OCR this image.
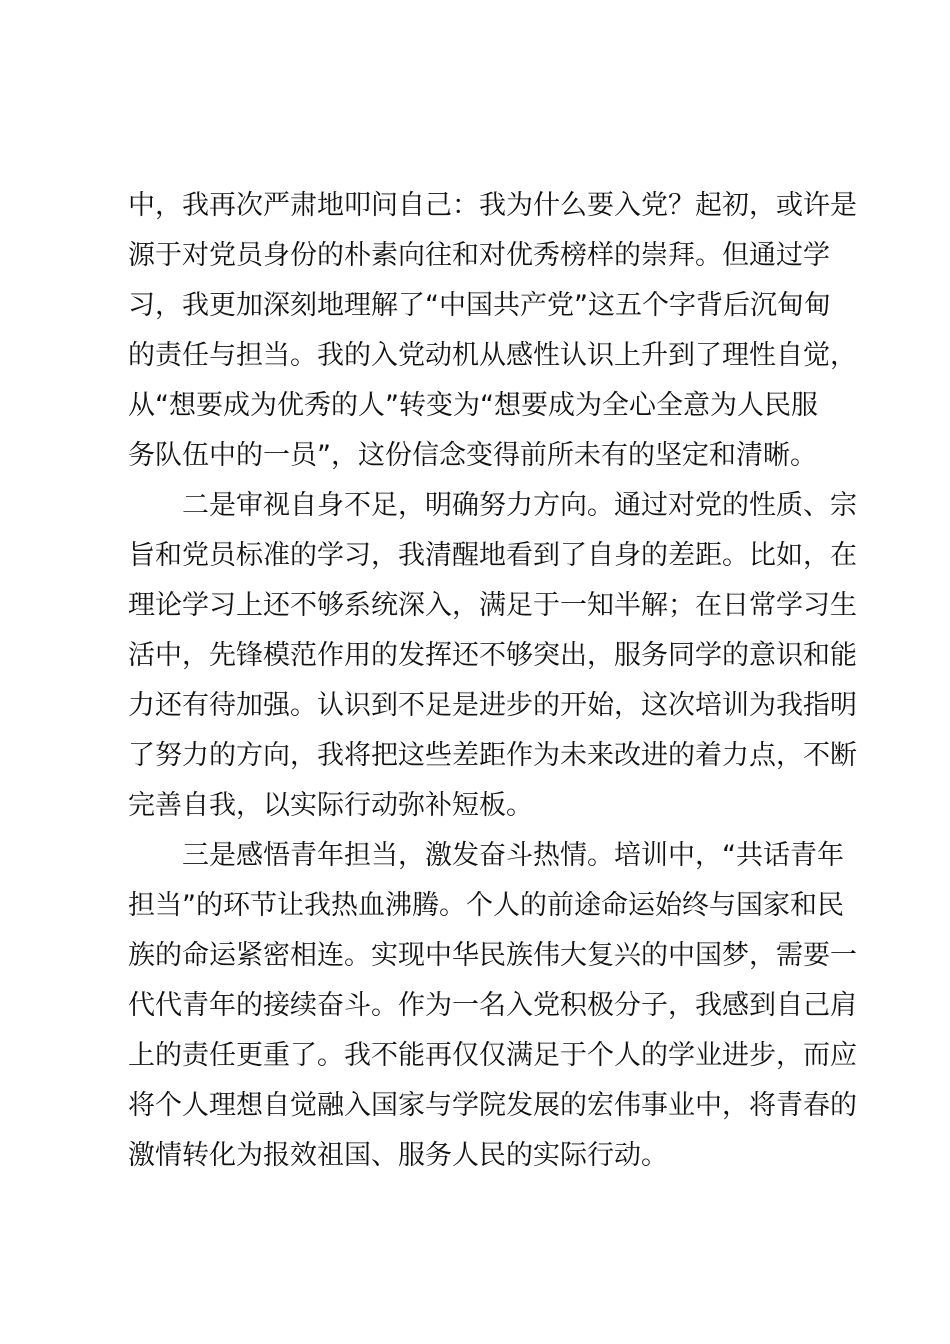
中，我再次严肃地叩问自己：我为什么要入党？起初，或许是
源于对党员身份的朴素向往和对优秀榜样的崇拜。但通过学
习，我更加深刻地理解了“中国共产党”这五个字背后沉甸甸
的责任与担当。我的入党动机从感性认识上升到了理性自觉，
从“想要成为优秀的人”转变为“想要成为全心全意为人民服
务队伍中的一员”，这份信念变得前所未有的坚定和清晰。
二是审视自身不足，明确努力方向。通过对党的性质、宗
旨和党员标准的学习，我清醒地看到了自身的差距。比如，在
理论学习上还不够系统深入，满足于一知半解；在日常学习生
活中，先锋模范作用的发挥还不够突出，服务同学的意识和能
力还有待加强。认识到不足是进步的开始，这次培训为我指明
了努力的方向，我将把这些差距作为未来改进的着力点，不断
完善自我，以实际行动弥补短板。
三是感悟青年担当，激发奋斗热情。培训中，“共话青年
担当”的环节让我热血沸腾。个人的前途命运始终与国家和民
族的命运紧密相连。实现中华民族伟大复兴的中国梦，需要一
代代青年的接续奋斗。作为一名入党积极分子，我感到自己肩
上的责任更重了。我不能再仅仅满足于个人的学业进步，而应
将个人理想自觉融入国家与学院发展的宏伟事业中，将青春的
激情转化为报效祖国、服务人民的实际行动。
